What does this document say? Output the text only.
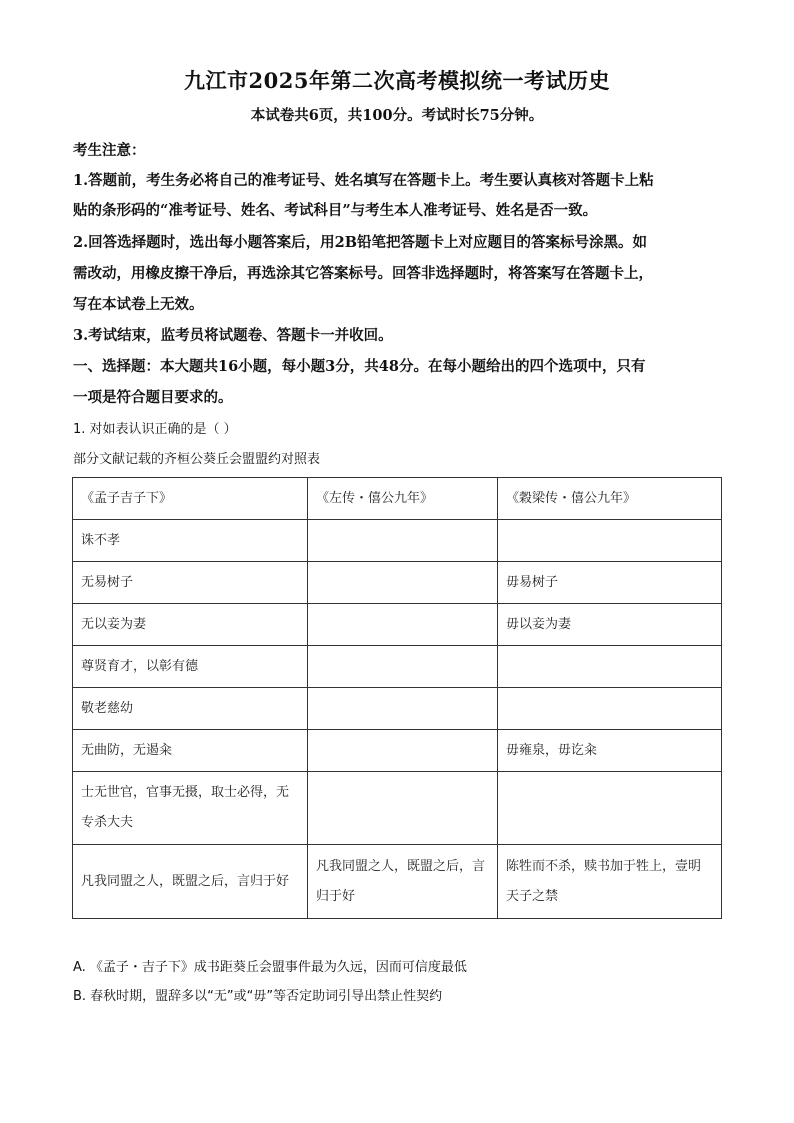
九江市2025年第二次高考模拟统一考试历史
本试卷共6页，共100分。考试时长75分钟。
考生注意：
1.答题前，考生务必将自己的准考证号、姓名填写在答题卡上。考生要认真核对答题卡上粘
贴的条形码的“准考证号、姓名、考试科目”与考生本人准考证号、姓名是否一致。
2.回答选择题时，选出每小题答案后，用2B铅笔把答题卡上对应题目的答案标号涂黑。如
需改动，用橡皮擦干净后，再选涂其它答案标号。回答非选择题时，将答案写在答题卡上，
写在本试卷上无效。
3.考试结束，监考员将试题卷、答题卡一并收回。
一、选择题：本大题共16小题，每小题3分，共48分。在每小题给出的四个选项中，只有
一项是符合题目要求的。
1. 对如表认识正确的是（ ）
部分文献记载的齐桓公葵丘会盟盟约对照表
《孟子吉子下》	《左传・僖公九年》	《穀梁传・僖公九年》
诛不孝		
无易树子		毋易树子
无以妾为妻		毋以妾为妻
尊贤育才，以彰有德		
敬老慈幼		
无曲防，无遏籴		毋雍泉，毋讫籴
士无世官，官事无摄，取士必得，无专杀大夫		
凡我同盟之人，既盟之后，言归于好	凡我同盟之人，既盟之后，言归于好	陈牲而不杀，赎书加于牲上，壹明天子之禁
A. 《孟子・吉子下》成书距葵丘会盟事件最为久远，因而可信度最低
B. 春秋时期，盟辞多以“无”或“毋”等否定助词引导出禁止性契约
